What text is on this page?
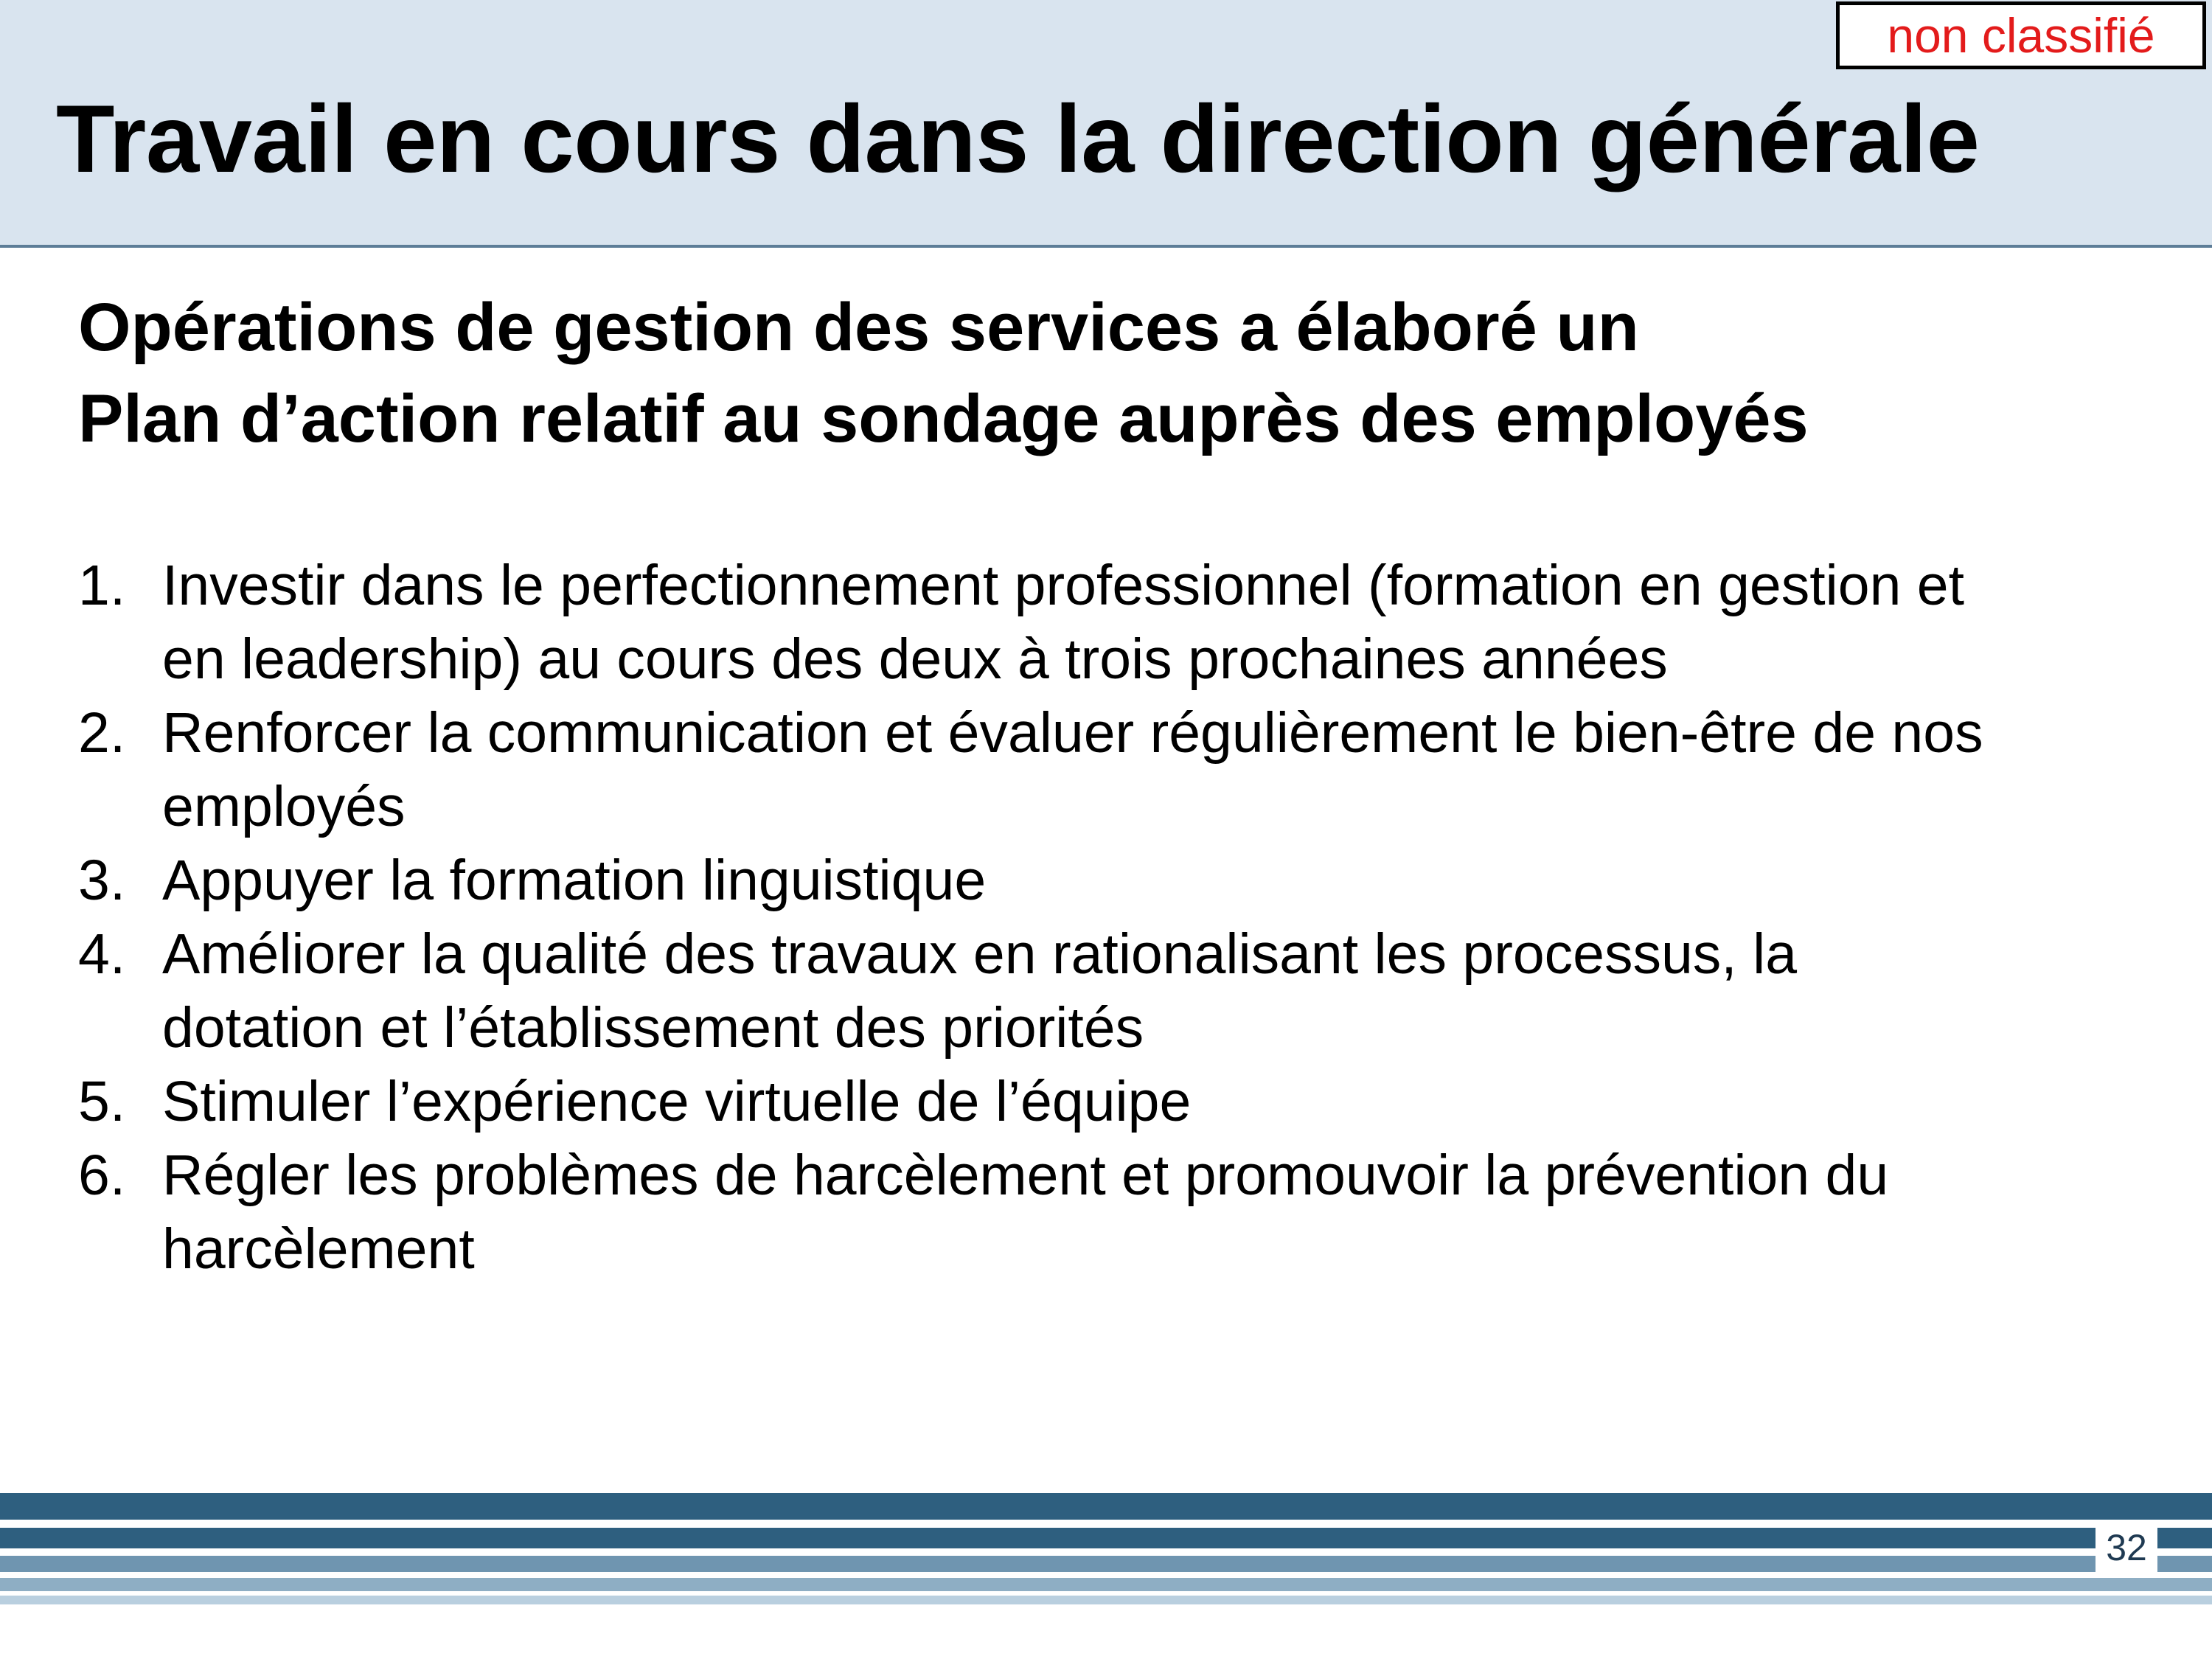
non classifié
Travail en cours dans la direction générale
Opérations de gestion des services a élaboré un
Plan d’action relatif au sondage auprès des employés
1. Investir dans le perfectionnement professionnel (formation en gestion et
en leadership) au cours des deux à trois prochaines années
2. Renforcer la communication et évaluer régulièrement le bien-être de nos
employés
3. Appuyer la formation linguistique
4. Améliorer la qualité des travaux en rationalisant les processus, la
dotation et l’établissement des priorités
5. Stimuler l’expérience virtuelle de l’équipe
6. Régler les problèmes de harcèlement et promouvoir la prévention du
harcèlement
32
